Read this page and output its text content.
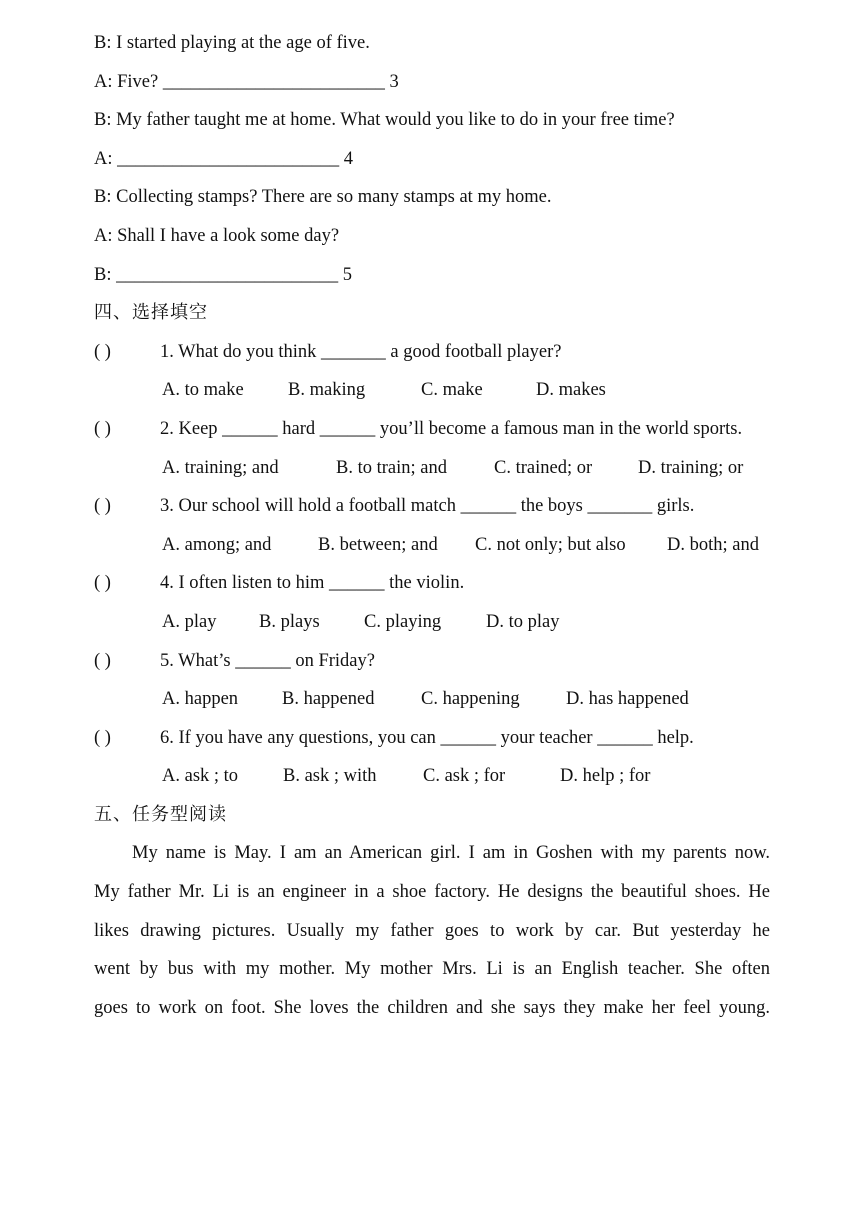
B: I started playing at the age of five.
A: Five? ________________________ 3
B: My father taught me at home. What would you like to do in your free time?
A: ________________________ 4
B: Collecting stamps? There are so many stamps at my home.
A: Shall I have a look some day?
B: ________________________ 5
四、选择填空
( )	1. What do you think _______ a good football player?
A. to make B. making	C. make	D. makes
( )	2. Keep ______ hard ______ you’ll become a famous man in the world sports.
A. training; and	B. to train; and	C. trained; or D. training; or
( )	3. Our school will hold a football match ______ the boys _______ girls.
A. among; and	B. between; and C. not only; but also D. both; and
( )	4. I often listen to him ______ the violin.
A. play B. plays C. playing D. to play
( )	5. What’s ______ on Friday?
A. happen B. happened	C. happening	D. has happened
( )	6. If you have any questions, you can ______ your teacher ______ help.
A. ask ; to B. ask ; with	C. ask ; for	D. help ; for
五、任务型阅读
My name is May. I am an American girl. I am in Goshen with my parents now.
My father Mr. Li is an engineer in a shoe factory. He designs the beautiful shoes. He
likes drawing pictures. Usually my father goes to work by car. But yesterday he
went by bus with my mother. My mother Mrs. Li is an English teacher. She often
goes to work on foot. She loves the children and she says they make her feel young.
